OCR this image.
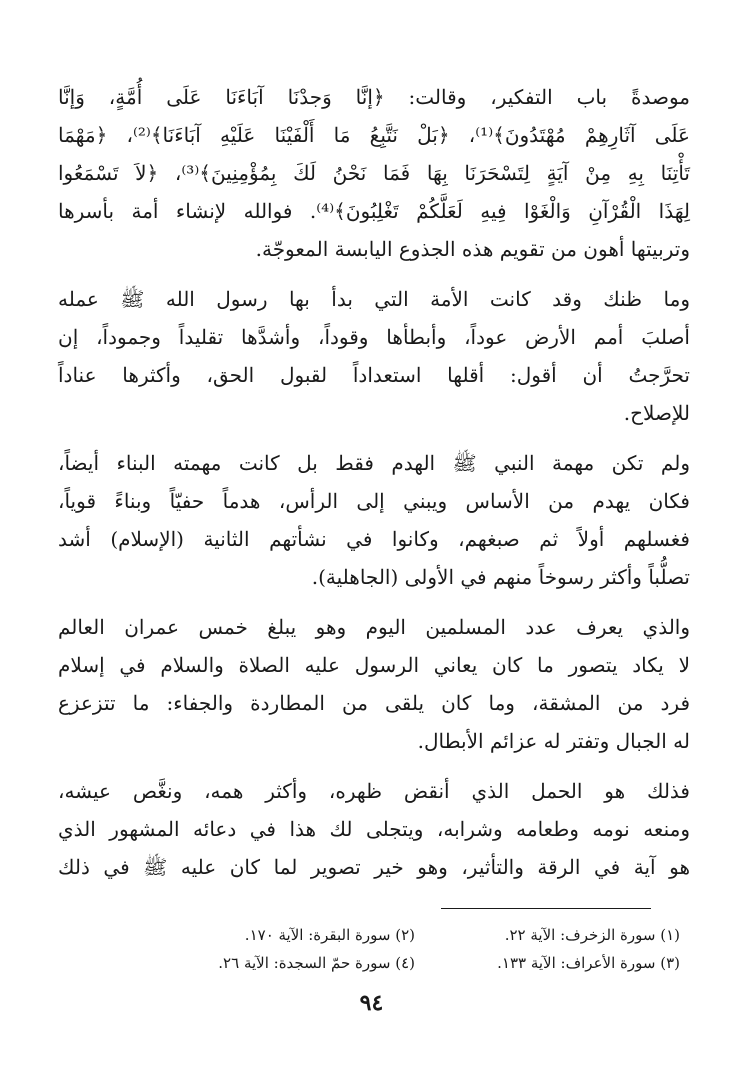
موصدةً باب التفكير، وقالت: ﴿إنَّا وَجدْنَا آبَاءَنَا عَلَى أُمَّةٍ، وَإنَّا
عَلَى آثَارِهِمْ مُهْتَدُونَ﴾⁽¹⁾، ﴿بَلْ نَتَّبِعُ مَا أَلْفَيْنَا عَلَيْهِ آبَاءَنَا﴾⁽²⁾، ﴿مَهْمَا
تَأْتِنَا بِهِ مِنْ آيَةٍ لِتَسْحَرَنَا بِهَا فَمَا نَحْنُ لَكَ بِمُؤْمِنِينَ﴾⁽³⁾، ﴿لاَ تَسْمَعُوا
لِهَذَا الْقُرْآنِ وَالْغَوْا فِيهِ لَعَلَّكُمْ تَغْلِبُونَ﴾⁽⁴⁾. فوالله لإنشاء أمة بأسرها
وتربيتها أهون من تقويم هذه الجذوع اليابسة المعوجّة.
وما ظنك وقد كانت الأمة التي بدأ بها رسول الله ﷺ عمله
أصلبَ أمم الأرض عوداً، وأبطأها وقوداً، وأشدَّها تقليداً وجموداً، إن
تحرَّجتُ أن أقول: أقلها استعداداً لقبول الحق، وأكثرها عناداً
للإصلاح.
ولم تكن مهمة النبي ﷺ الهدم فقط بل كانت مهمته البناء أيضاً،
فكان يهدم من الأساس ويبني إلى الرأس، هدماً حفيّاً وبناءً قوياً،
فغسلهم أولاً ثم صبغهم، وكانوا في نشأتهم الثانية (الإسلام) أشد
تصلُّباً وأكثر رسوخاً منهم في الأولى (الجاهلية).
والذي يعرف عدد المسلمين اليوم وهو يبلغ خمس عمران العالم
لا يكاد يتصور ما كان يعاني الرسول عليه الصلاة والسلام في إسلام
فرد من المشقة، وما كان يلقى من المطاردة والجفاء: ما تتزعزع
له الجبال وتفتر له عزائم الأبطال.
فذلك هو الحمل الذي أنقض ظهره، وأكثر همه، ونغَّص عيشه،
ومنعه نومه وطعامه وشرابه، ويتجلى لك هذا في دعائه المشهور الذي
هو آية في الرقة والتأثير، وهو خير تصوير لما كان عليه ﷺ في ذلك
(١) سورة الزخرف: الآية ٢٢.
(٢) سورة البقرة: الآية ١٧٠.
(٣) سورة الأعراف: الآية ١٣٣.
(٤) سورة حمّ السجدة: الآية ٢٦.
٩٤
